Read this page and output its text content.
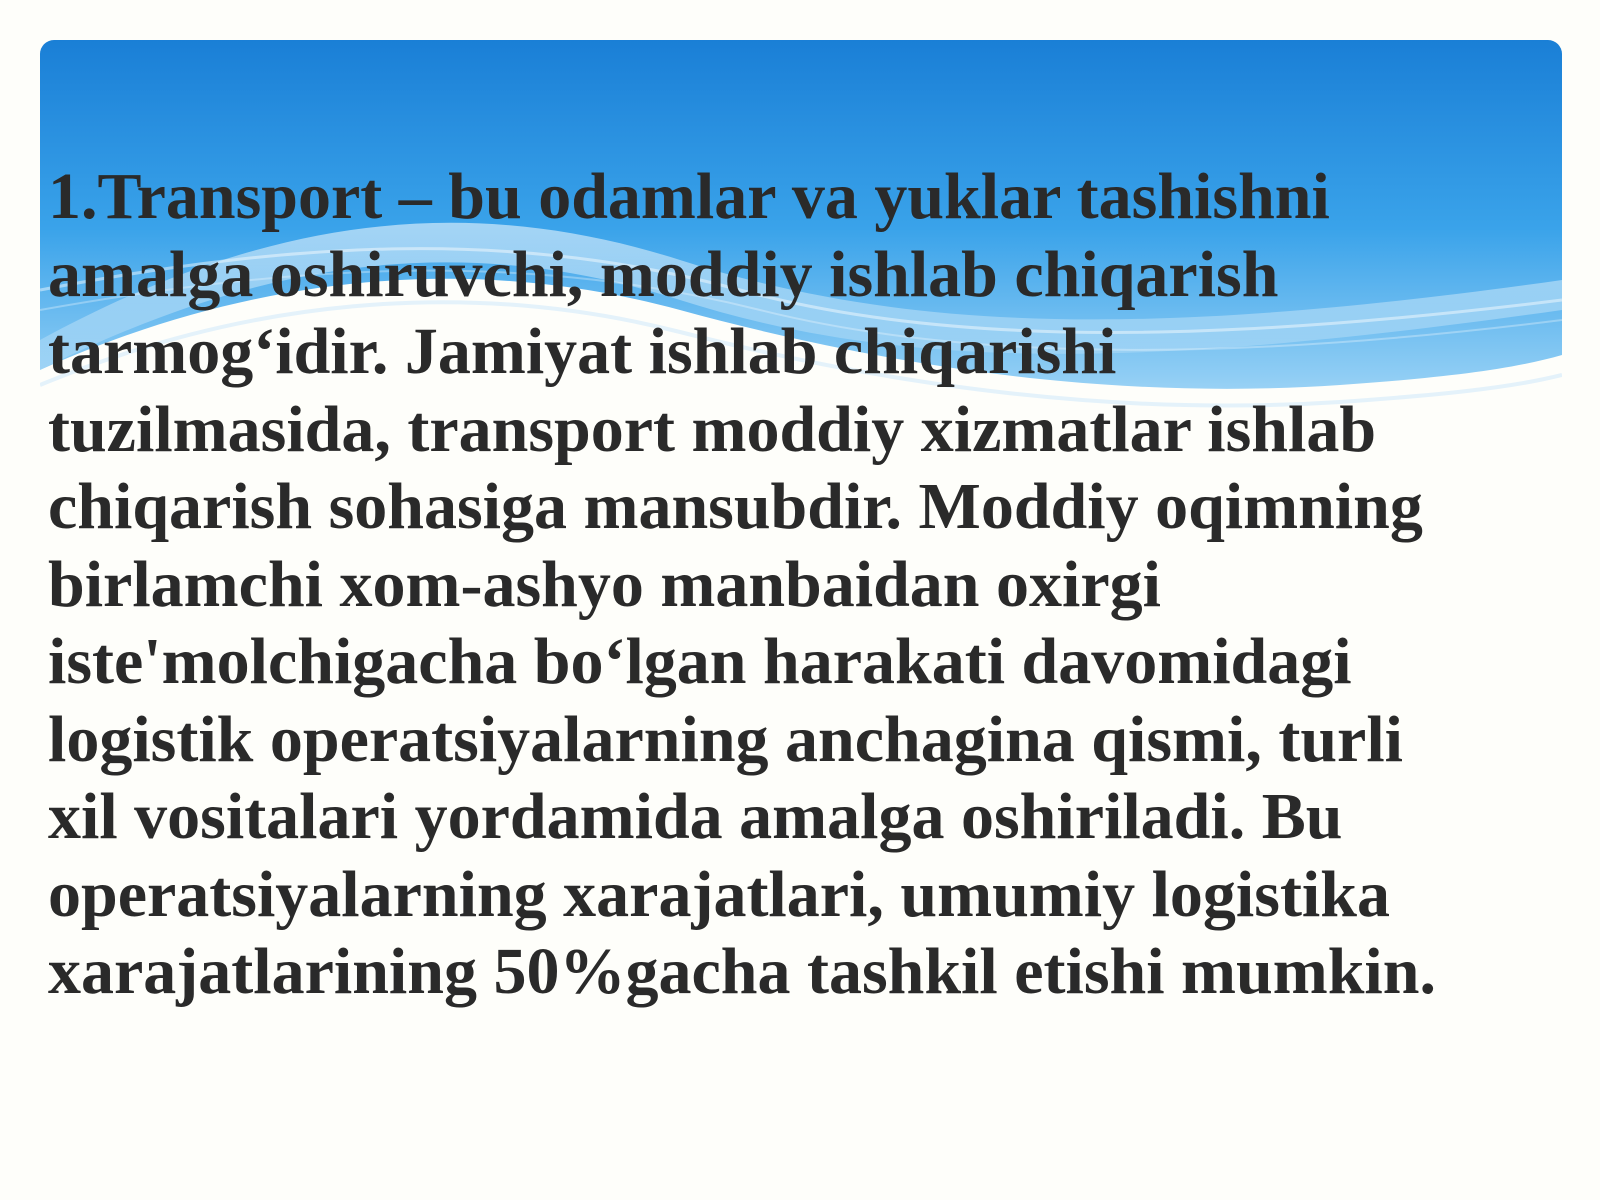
1.Transport – bu odamlar va yuklar tashishni
amalga oshiruvchi, moddiy ishlab chiqarish
tarmog‘idir. Jamiyat ishlab chiqarishi
tuzilmasida, transport moddiy xizmatlar ishlab
chiqarish sohasiga mansubdir. Moddiy oqimning
birlamchi xom-ashyo manbaidan oxirgi
iste'molchigacha bo‘lgan harakati davomidagi
logistik operatsiyalarning anchagina qismi, turli
xil vositalari yordamida amalga oshiriladi. Bu
operatsiyalarning xarajatlari, umumiy logistika
xarajatlarining 50%gacha tashkil etishi mumkin.
